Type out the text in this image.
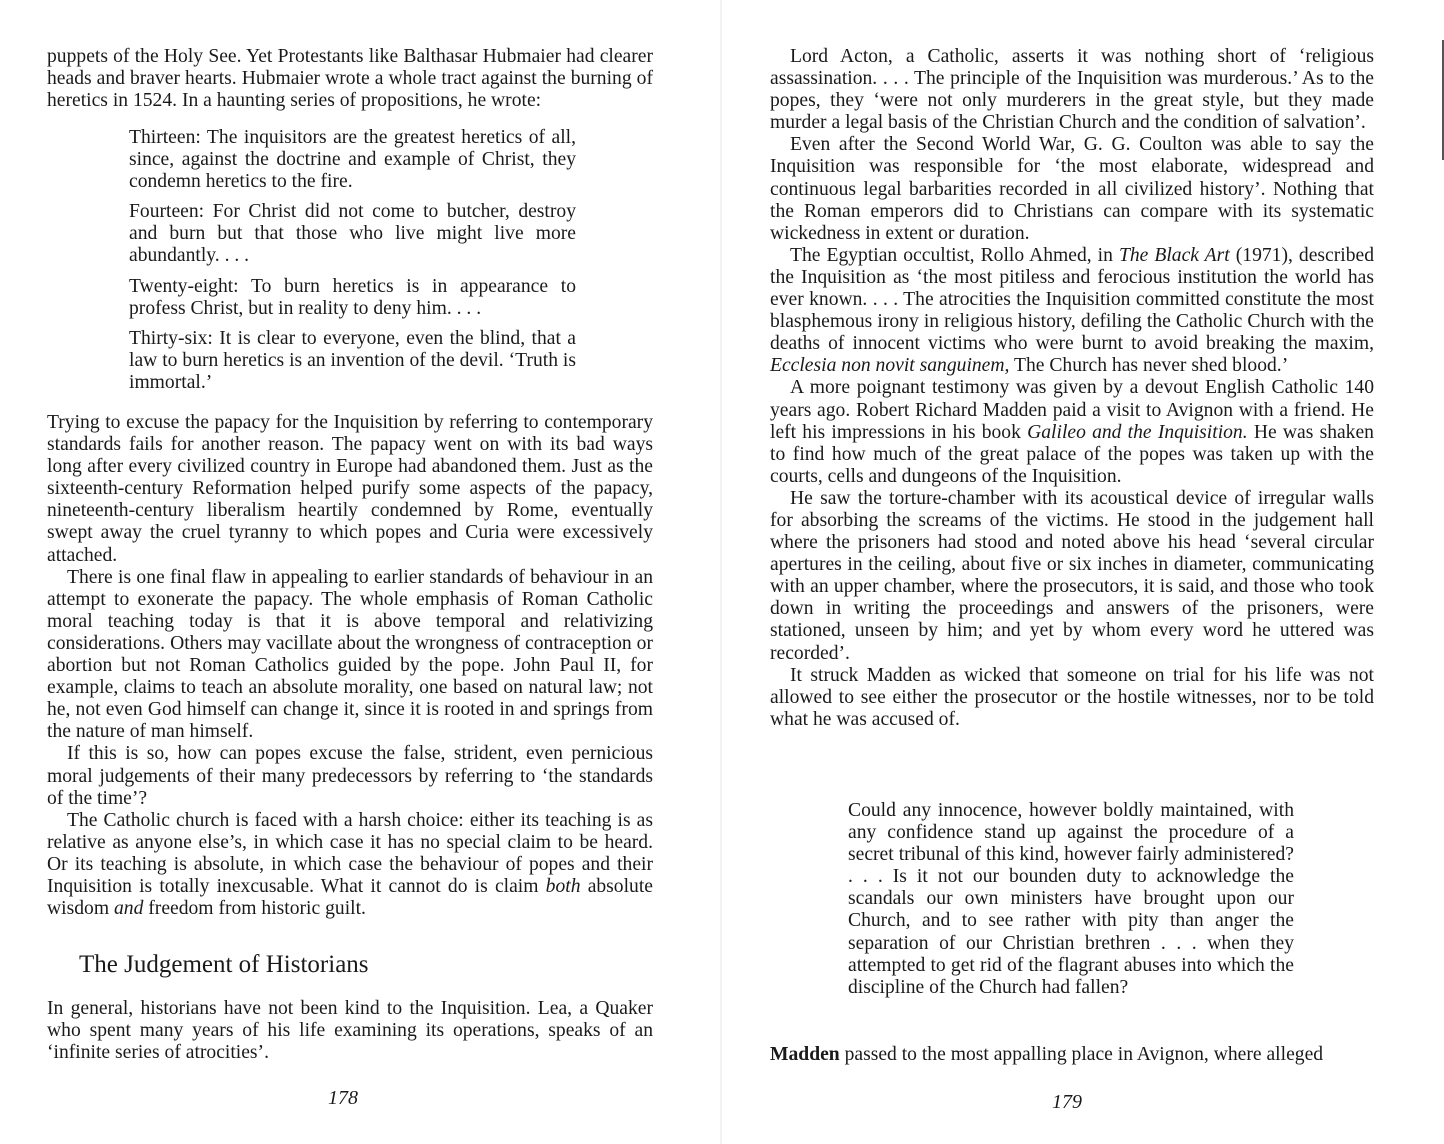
puppets of the Holy See. Yet Protestants like Balthasar Hubmaier had clearer heads and braver hearts. Hubmaier wrote a whole tract against the burning of heretics in 1524. In a haunting series of propositions, he wrote:

Thirteen: The inquisitors are the greatest heretics of all, since, against the doctrine and example of Christ, they condemn heretics to the fire.

Fourteen: For Christ did not come to butcher, destroy and burn but that those who live might live more abundantly. . . .

Twenty-eight: To burn heretics is in appearance to profess Christ, but in reality to deny him. . . .

Thirty-six: It is clear to everyone, even the blind, that a law to burn heretics is an invention of the devil. ‘Truth is immortal.’

Trying to excuse the papacy for the Inquisition by referring to contemporary standards fails for another reason. The papacy went on with its bad ways long after every civilized country in Europe had abandoned them. Just as the sixteenth-century Reformation helped purify some aspects of the papacy, nineteenth-century liberalism heartily condemned by Rome, eventually swept away the cruel tyranny to which popes and Curia were excessively attached.

There is one final flaw in appealing to earlier standards of behaviour in an attempt to exonerate the papacy. The whole emphasis of Roman Catholic moral teaching today is that it is above temporal and relativizing considerations. Others may vacillate about the wrongness of contraception or abortion but not Roman Catholics guided by the pope. John Paul II, for example, claims to teach an absolute morality, one based on natural law; not he, not even God himself can change it, since it is rooted in and springs from the nature of man himself.

If this is so, how can popes excuse the false, strident, even pernicious moral judgements of their many predecessors by referring to ‘the standards of the time’?

The Catholic church is faced with a harsh choice: either its teaching is as relative as anyone else’s, in which case it has no special claim to be heard. Or its teaching is absolute, in which case the behaviour of popes and their Inquisition is totally inexcusable. What it cannot do is claim both absolute wisdom and freedom from historic guilt.

The Judgement of Historians

In general, historians have not been kind to the Inquisition. Lea, a Quaker who spent many years of his life examining its operations, speaks of an ‘infinite series of atrocities’.

178

Lord Acton, a Catholic, asserts it was nothing short of ‘religious assassination. . . . The principle of the Inquisition was murderous.’ As to the popes, they ‘were not only murderers in the great style, but they made murder a legal basis of the Christian Church and the condition of salvation’.

Even after the Second World War, G. G. Coulton was able to say the Inquisition was responsible for ‘the most elaborate, widespread and continuous legal barbarities recorded in all civilized history’. Nothing that the Roman emperors did to Christians can compare with its systematic wickedness in extent or duration.

The Egyptian occultist, Rollo Ahmed, in The Black Art (1971), described the Inquisition as ‘the most pitiless and ferocious institution the world has ever known. . . . The atrocities the Inquisition committed constitute the most blasphemous irony in religious history, defiling the Catholic Church with the deaths of innocent victims who were burnt to avoid breaking the maxim, Ecclesia non novit sanguinem, The Church has never shed blood.’

A more poignant testimony was given by a devout English Catholic 140 years ago. Robert Richard Madden paid a visit to Avignon with a friend. He left his impressions in his book Galileo and the Inquisition. He was shaken to find how much of the great palace of the popes was taken up with the courts, cells and dungeons of the Inquisition.

He saw the torture-chamber with its acoustical device of irregular walls for absorbing the screams of the victims. He stood in the judgement hall where the prisoners had stood and noted above his head ‘several circular apertures in the ceiling, about five or six inches in diameter, communicating with an upper chamber, where the prosecutors, it is said, and those who took down in writing the proceedings and answers of the prisoners, were stationed, unseen by him; and yet by whom every word he uttered was recorded’.

It struck Madden as wicked that someone on trial for his life was not allowed to see either the prosecutor or the hostile witnesses, nor to be told what he was accused of.

Could any innocence, however boldly maintained, with any confidence stand up against the procedure of a secret tribunal of this kind, however fairly administered? . . . Is it not our bounden duty to acknowledge the scandals our own ministers have brought upon our Church, and to see rather with pity than anger the separation of our Christian brethren . . . when they attempted to get rid of the flagrant abuses into which the discipline of the Church had fallen?

Madden passed to the most appalling place in Avignon, where alleged

179
